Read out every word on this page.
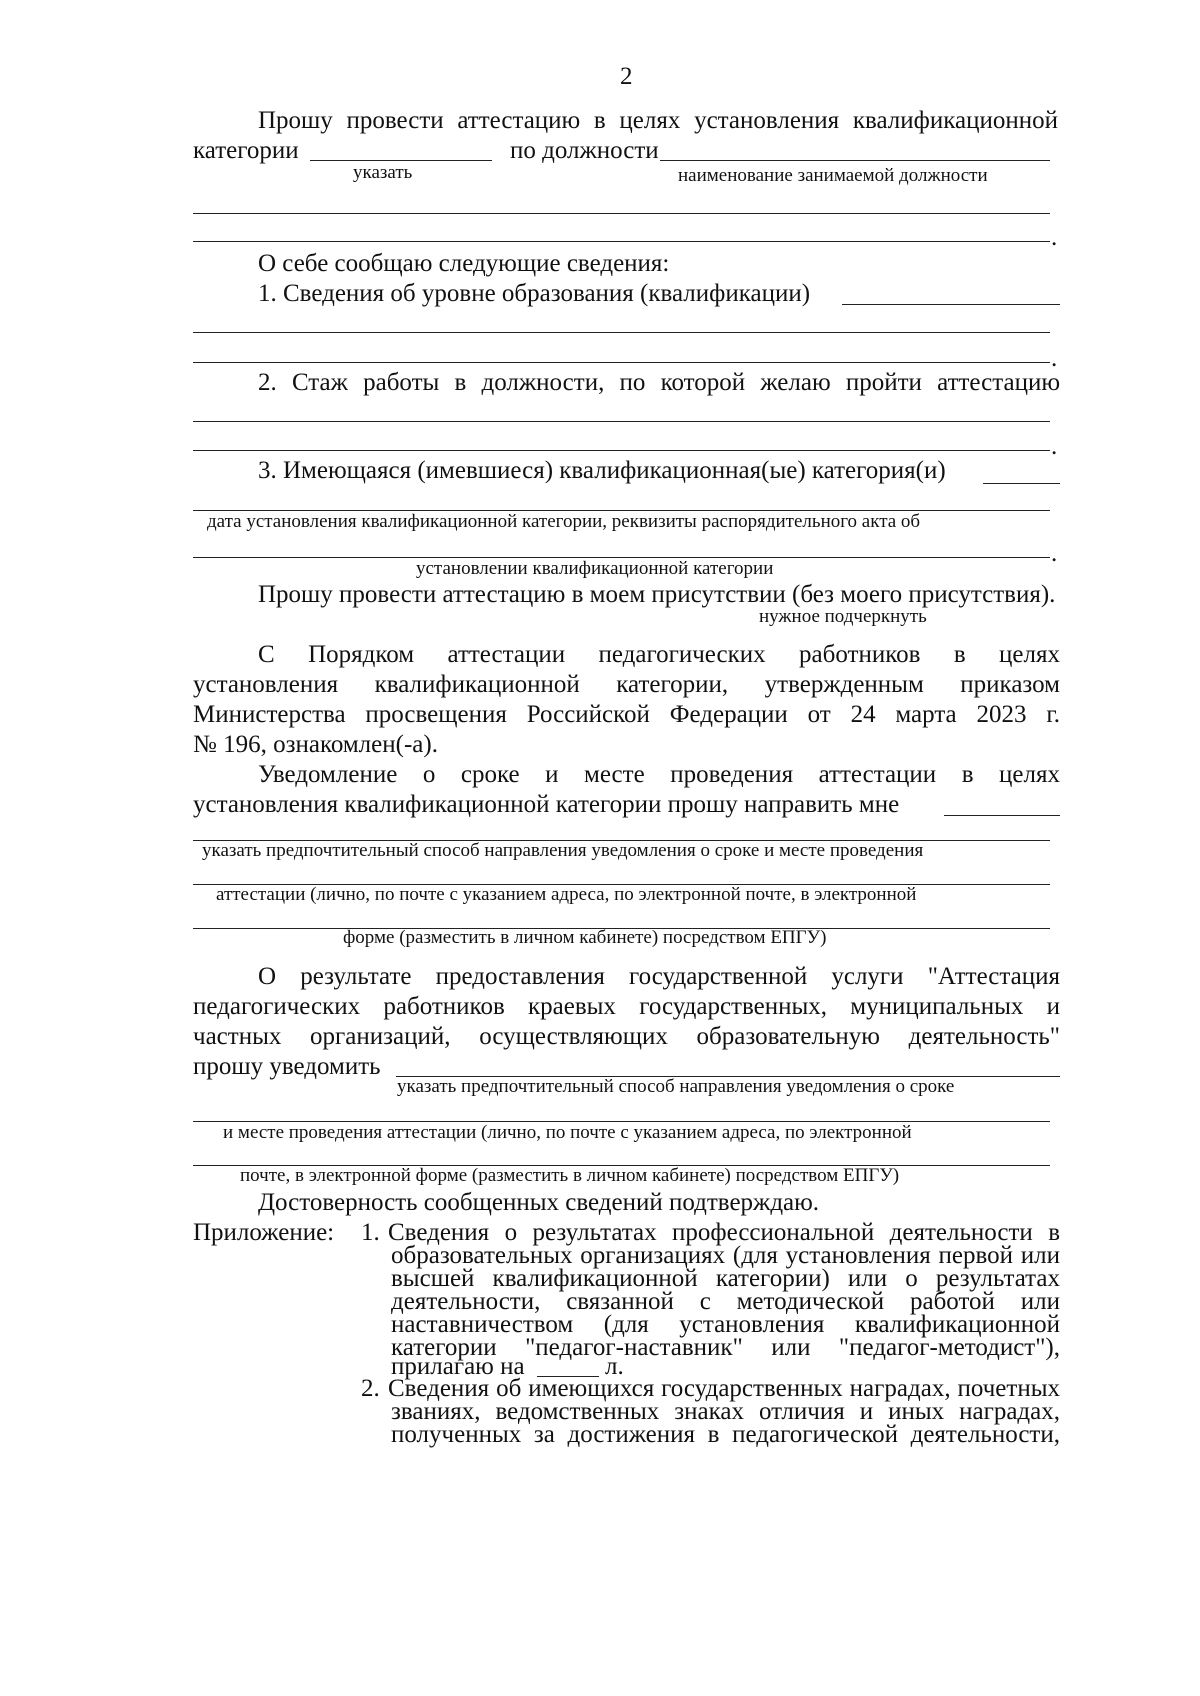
2
Прошу провести аттестацию в целях установления квалификационной
категории	по должности
указать	наименование занимаемой должности
.
О себе сообщаю следующие сведения:
1. Сведения об уровне образования (квалификации)
.
2. Стаж работы в должности, по которой желаю пройти аттестацию
.
3. Имеющаяся (имевшиеся) квалификационная(ые) категория(и)
дата установления квалификационной категории, реквизиты распорядительного акта об
.
установлении квалификационной категории
Прошу провести аттестацию в моем присутствии (без моего присутствия).
нужное подчеркнуть
С Порядком аттестации педагогических работников в целях
установления квалификационной категории, утвержденным приказом
Министерства просвещения Российской Федерации от 24 марта 2023 г.
№ 196, ознакомлен(-а).
Уведомление о сроке и месте проведения аттестации в целях
установления квалификационной категории прошу направить мне
указать предпочтительный способ направления уведомления о сроке и месте проведения
аттестации (лично, по почте с указанием адреса, по электронной почте, в электронной
форме (разместить в личном кабинете) посредством ЕПГУ)
О результате предоставления государственной услуги "Аттестация
педагогических работников краевых государственных, муниципальных и
частных организаций, осуществляющих образовательную деятельность"
прошу уведомить
указать предпочтительный способ направления уведомления о сроке
и месте проведения аттестации (лично, по почте с указанием адреса, по электронной
почте, в электронной форме (разместить в личном кабинете) посредством ЕПГУ)
Достоверность сообщенных сведений подтверждаю.
Приложение: 1. Сведения о результатах профессиональной деятельности в
образовательных организациях (для установления первой или
высшей квалификационной категории) или о результатах
деятельности, связанной с методической работой или
наставничеством (для установления квалификационной
категории "педагог-наставник" или "педагог-методист"),
прилагаю на	л.
2. Сведения об имеющихся государственных наградах, почетных
званиях, ведомственных знаках отличия и иных наградах,
полученных за достижения в педагогической деятельности,
